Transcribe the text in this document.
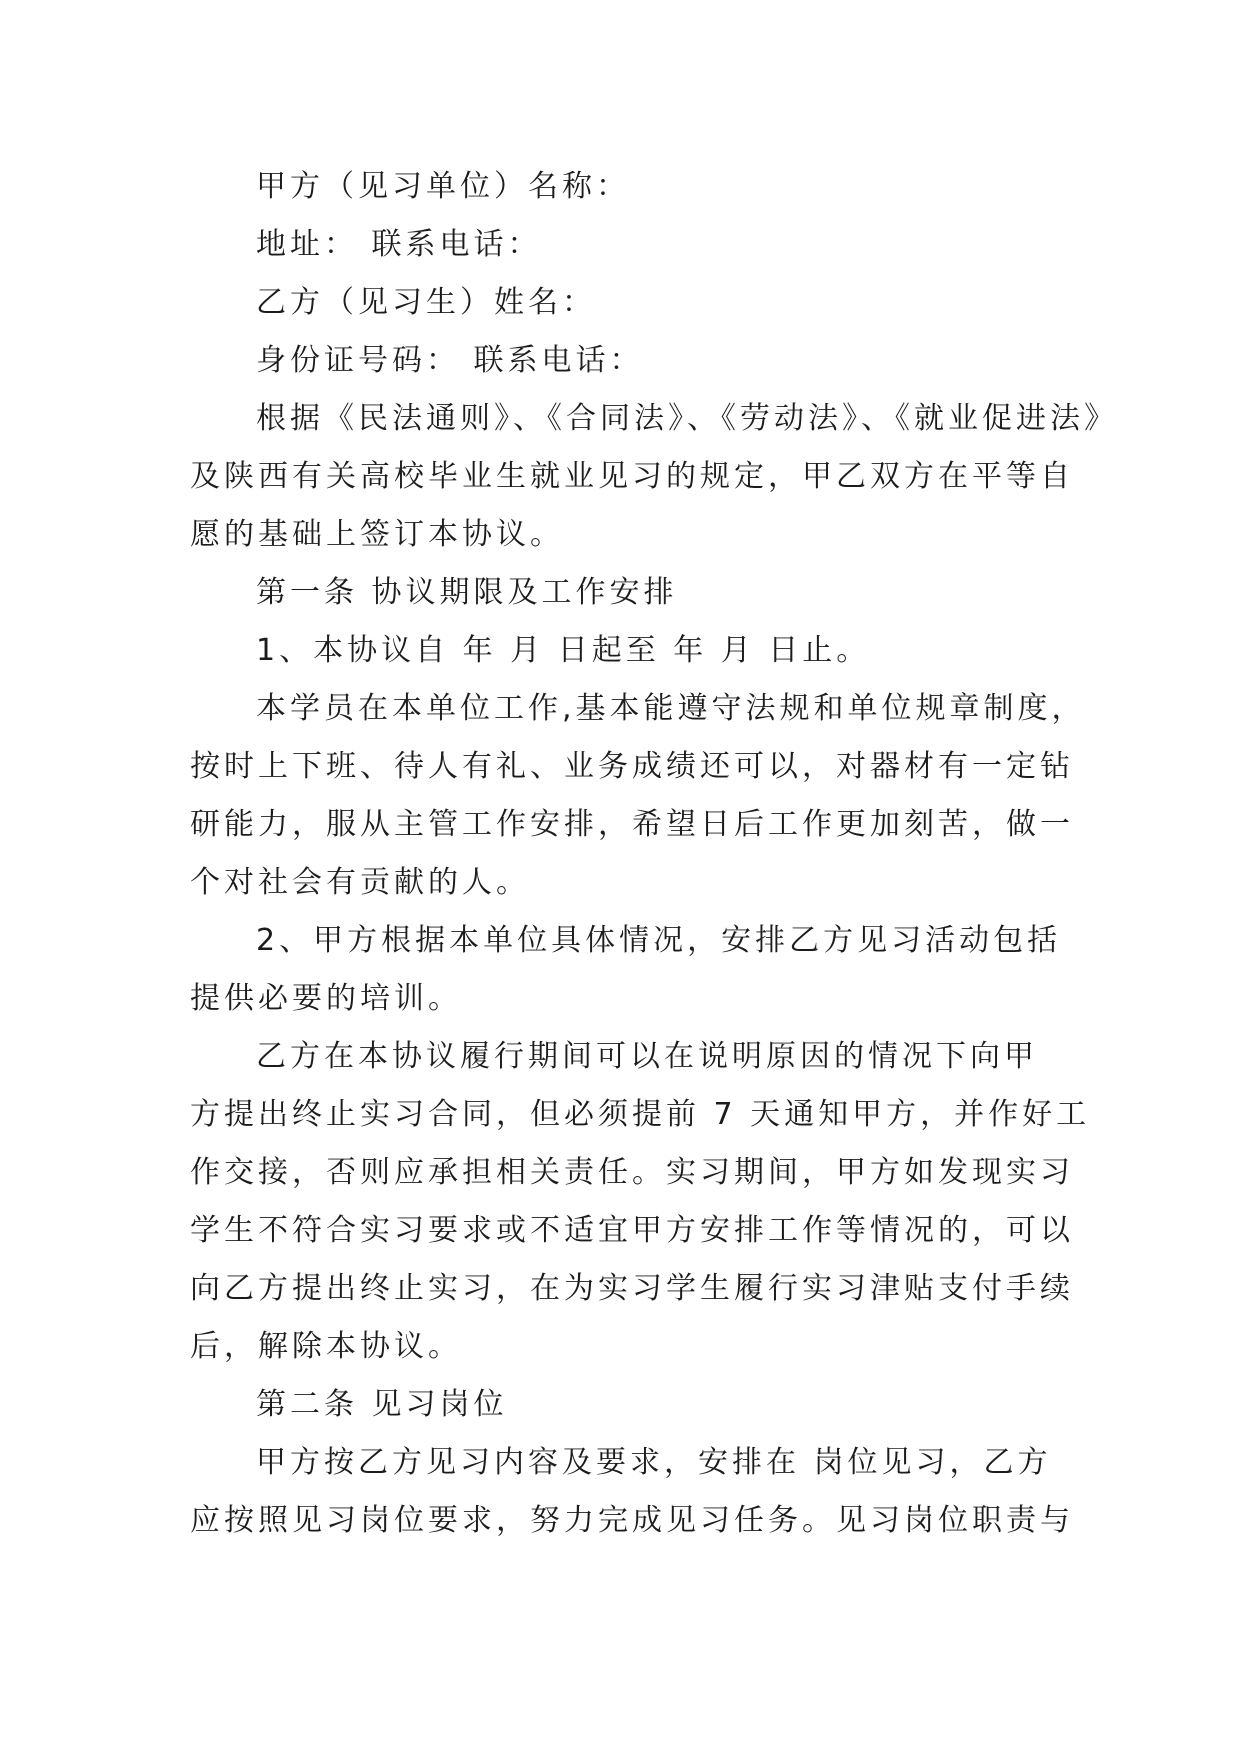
甲方（见习单位）名称：
地址： 联系电话：
乙方（见习生）姓名：
身份证号码： 联系电话：
根据《民法通则》、《合同法》、《劳动法》、《就业促进法》
及陕西有关高校毕业生就业见习的规定，甲乙双方在平等自
愿的基础上签订本协议。
第一条 协议期限及工作安排
1、本协议自 年 月 日起至 年 月 日止。
本学员在本单位工作,基本能遵守法规和单位规章制度，
按时上下班、待人有礼、业务成绩还可以，对器材有一定钻
研能力，服从主管工作安排，希望日后工作更加刻苦，做一
个对社会有贡献的人。
2、甲方根据本单位具体情况，安排乙方见习活动包括
提供必要的培训。
乙方在本协议履行期间可以在说明原因的情况下向甲
方提出终止实习合同，但必须提前 7 天通知甲方，并作好工
作交接，否则应承担相关责任。实习期间，甲方如发现实习
学生不符合实习要求或不适宜甲方安排工作等情况的，可以
向乙方提出终止实习，在为实习学生履行实习津贴支付手续
后，解除本协议。
第二条 见习岗位
甲方按乙方见习内容及要求，安排在 岗位见习，乙方
应按照见习岗位要求，努力完成见习任务。见习岗位职责与
